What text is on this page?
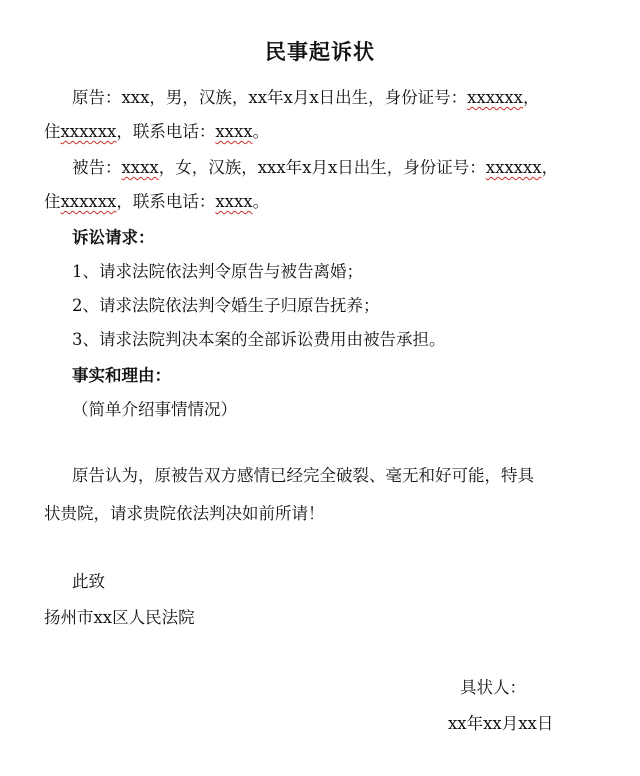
民事起诉状
原告：xxx，男，汉族，xx年x月x日出生，身份证号：xxxxxx，
住xxxxxx，联系电话：xxxx。
被告：xxxx，女，汉族，xxx年x月x日出生，身份证号：xxxxxx，
住xxxxxx，联系电话：xxxx。
诉讼请求：
1、请求法院依法判令原告与被告离婚；
2、请求法院依法判令婚生子归原告抚养；
3、请求法院判决本案的全部诉讼费用由被告承担。
事实和理由：
（简单介绍事情情况）
原告认为，原被告双方感情已经完全破裂、毫无和好可能，特具
状贵院，请求贵院依法判决如前所请！
此致
扬州市xx区人民法院
具状人：
xx年xx月xx日
